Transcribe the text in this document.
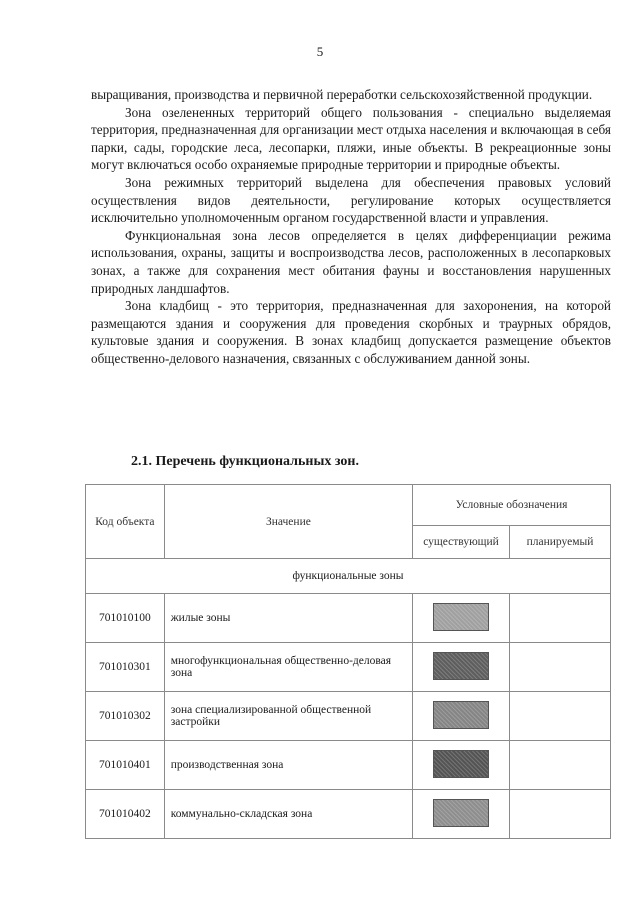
5

выращивания, производства и первичной переработки сельскохозяйственной продукции.

Зона озелененных территорий общего пользования - специально выделяемая территория, предназначенная для организации мест отдыха населения и включающая в себя парки, сады, городские леса, лесопарки, пляжи, иные объекты. В рекреационные зоны могут включаться особо охраняемые природные территории и природные объекты.

Зона режимных территорий выделена для обеспечения правовых условий осуществления видов деятельности, регулирование которых осуществляется исключительно уполномоченным органом государственной власти и управления.

Функциональная зона лесов определяется в целях дифференциации режима использования, охраны, защиты и воспроизводства лесов, расположенных в лесопарковых зонах, а также для сохранения мест обитания фауны и восстановления нарушенных природных ландшафтов.

Зона кладбищ - это территория, предназначенная для захоронения, на которой размещаются здания и сооружения для проведения скорбных и траурных обрядов, культовые здания и сооружения. В зонах кладбищ допускается размещение объектов общественно-делового назначения, связанных с обслуживанием данной зоны.

2.1. Перечень функциональных зон.
Код объекта	Значение	Условные обозначения	
		существующий	планируемый
функциональные зоны			
701010100	жилые зоны		
701010301	многофункциональная общественно-деловая зона		
701010302	зона специализированной общественной застройки		
701010401	производственная зона		
701010402	коммунально-складская зона		
